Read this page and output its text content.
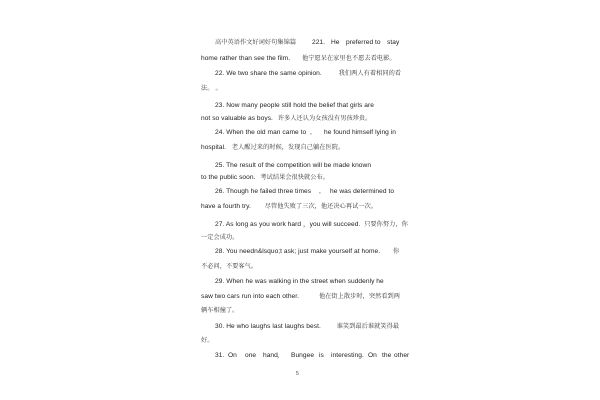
高中英语作文好词好句集锦篇 221. He preferred to stay
home rather than see the film. 他宁愿呆在家里也不愿去看电影。
22. We two share the same opinion.	我们两人有着相同的看
法。 。
23. Now many people still hold the belief that girls are
not so valuable as boys. 许多人还认为女孩没有男孩珍贵。
24. When the old man came to , he found himself lying in
hospital. 老人醒过来的时候，发现自己躺在医院。
25. The result of the competition will be made known
to the public soon. 考试结果会很快就公布。
26. Though he failed three times , he was determined to
have a fourth try. 尽管他失败了三次，他还决心再试一次。
27. As long as you work hard ，you will succeed. 只要你努力，你
一定会成功。
28. You needn&lsquo;t ask; just make yourself at home. 你
不必问，不要客气。
29. When he was walking in the street when suddenly he
saw two cars run into each other.	他在街上散步时，突然看到两
辆车相撞了。
30. He who laughs last laughs best.	谁笑到最后谁就笑得最
好。
31. On one hand ， Bungee is interesting. On the other
5
